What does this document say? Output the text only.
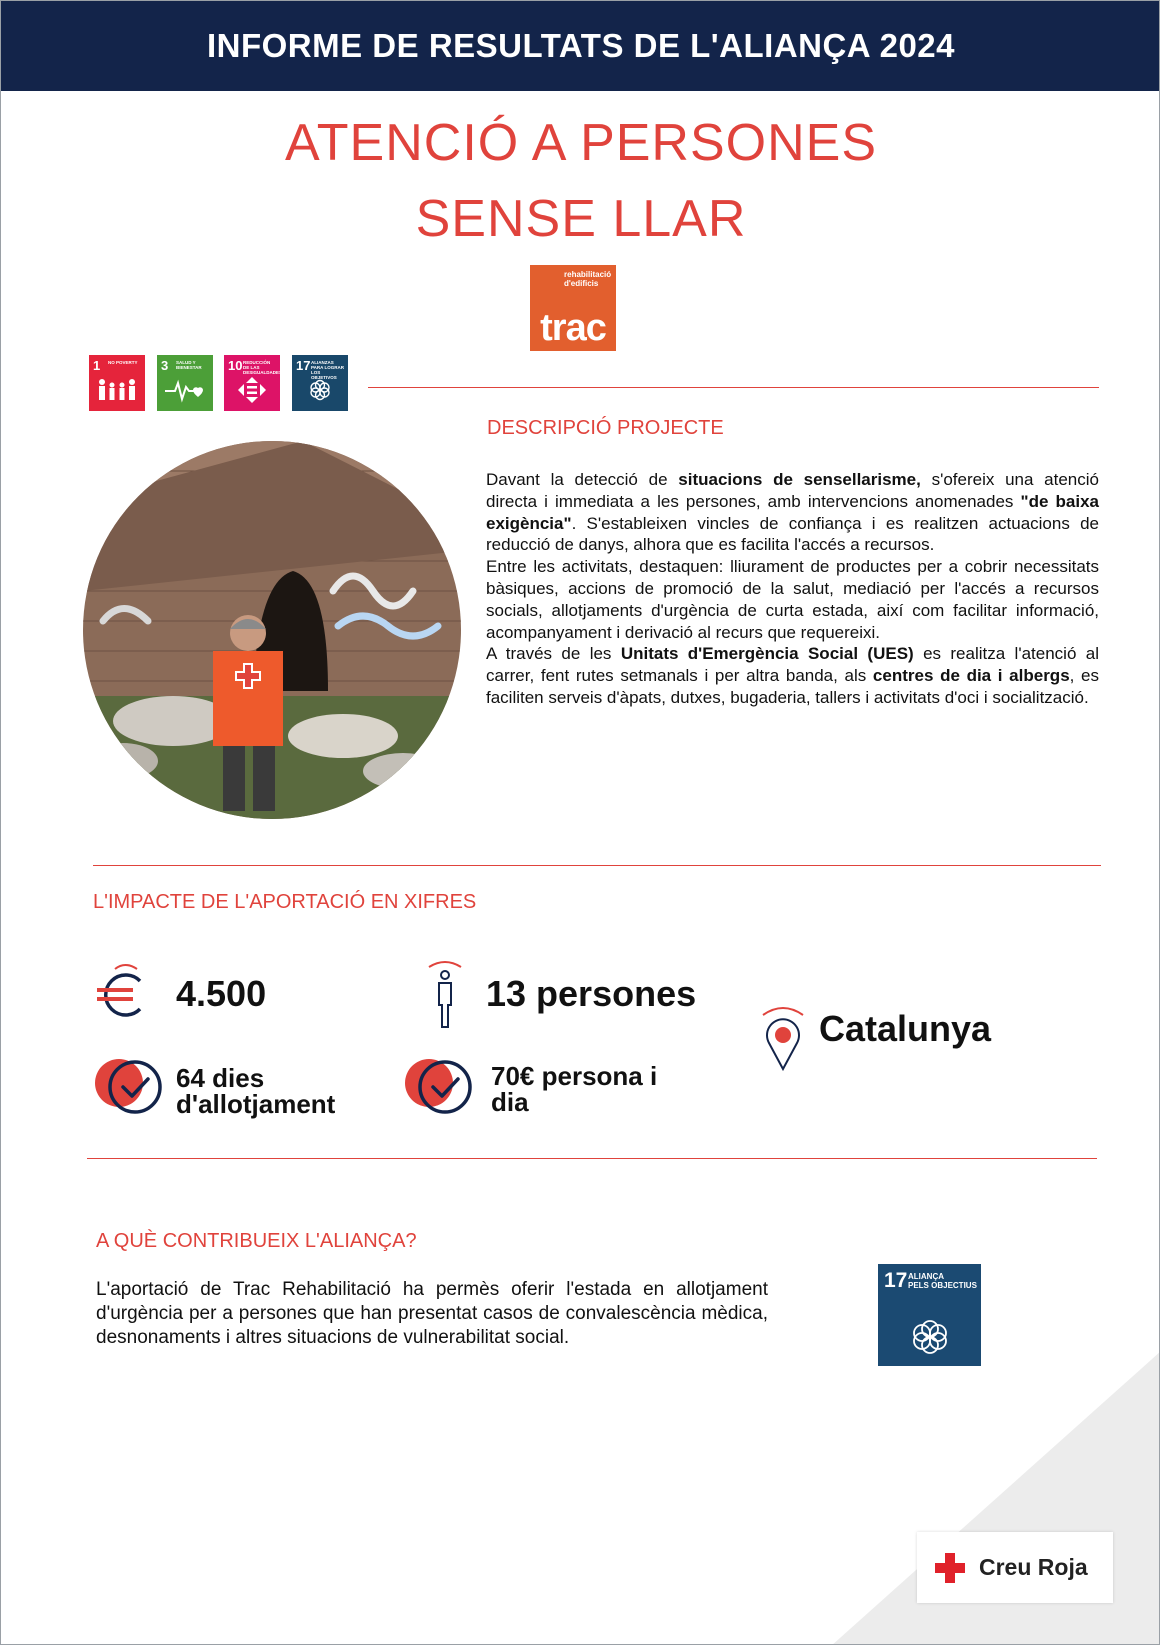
INFORME DE RESULTATS DE L'ALIANÇA 2024
ATENCIÓ A PERSONES
SENSE LLAR
rehabilitació
d'edificis
trac
1 NO POVERTY	3 SALUD Y BIENESTAR	10 REDUCCIÓN DE LAS DESIGUALDADES 17 ALIANZAS PARA LOGRAR LOS OBJETIVOS
DESCRIPCIÓ PROJECTE

Davant la detecció de situacions de sensellarisme, s'ofereix una atenció directa i immediata a les persones, amb intervencions anomenades "de baixa exigència". S'estableixen vincles de confiança i es realitzen actuacions de reducció de danys, alhora que es facilita l'accés a recursos.

Entre les activitats, destaquen: lliurament de productes per a cobrir necessitats bàsiques, accions de promoció de la salut, mediació per l'accés a recursos socials, allotjaments d'urgència de curta estada, així com facilitar informació, acompanyament i derivació al recurs que requereixi.

A través de les Unitats d'Emergència Social (UES) es realitza l'atenció al carrer, fent rutes setmanals i per altra banda, als centres de dia i albergs, es faciliten serveis d'àpats, dutxes, bugaderia, tallers i activitats d'oci i socialització.

L'IMPACTE DE L'APORTACIÓ EN XIFRES
4.500	13 persones
Catalunya
64 dies
d'allotjament
70€ persona i
dia
A QUÈ CONTRIBUEIX L'ALIANÇA?
L'aportació de Trac Rehabilitació ha permès oferir l'estada en allotjament d'urgència per a persones que han presentat casos de convalescència mèdica, desnonaments i altres situacions de vulnerabilitat social.
17 ALIANÇA
PELS OBJECTIUS
Creu Roja
